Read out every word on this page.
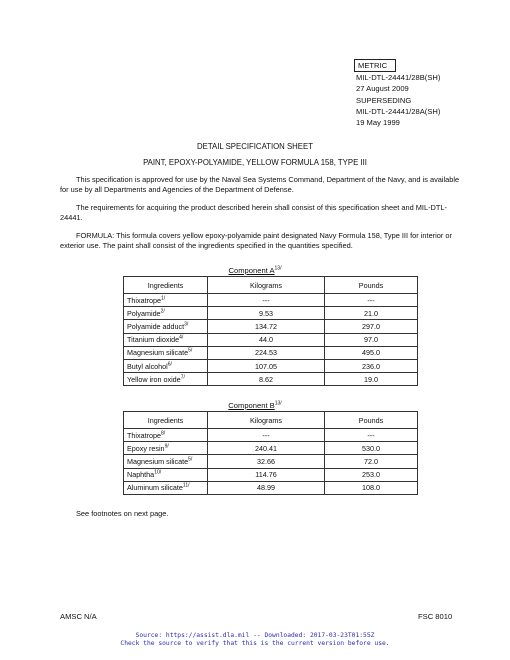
METRIC
MIL-DTL-24441/28B(SH)
27 August 2009
SUPERSEDING
MIL-DTL-24441/28A(SH)
19 May 1999
DETAIL SPECIFICATION SHEET
PAINT, EPOXY-POLYAMIDE, YELLOW FORMULA 158, TYPE III
This specification is approved for use by the Naval Sea Systems Command, Department of the Navy, and is available for use by all Departments and Agencies of the Department of Defense.
The requirements for acquiring the product described herein shall consist of this specification sheet and MIL-DTL-24441.
FORMULA: This formula covers yellow epoxy-polyamide paint designated Navy Formula 158, Type III for interior or exterior use. The paint shall consist of the ingredients specified in the quantities specified.
Component $A^{13/}$
Ingredients	Kilograms	Pounds
Thixatrope$^{1/}$	---	---
Polyamide$^{2/}$	9.53	21.0
Polyamide adduct$^{3/}$	134.72	297.0
Titanium dioxide$^{4/}$	44.0	97.0
Magnesium silicate$^{5/}$	224.53	495.0
Butyl alcohol$^{6/}$	107.05	236.0
Yellow iron oxide$^{7/}$	8.62	19.0
Component $B^{13/}$
Ingredients	Kilograms	Pounds
Thixatrope$^{8/}$	---	---
Epoxy resin$^{9/}$	240.41	530.0
Magnesium silicate$^{5/}$	32.66	72.0
Naphtha$^{10/}$	114.76	253.0
Aluminum silicate$^{11/}$	48.99	108.0
See footnotes on next page.
AMSC N/A	FSC 8010
Source: https://assist.dla.mil -- Downloaded: 2017-03-23T01:55Z
Check the source to verify that this is the current version before use.
